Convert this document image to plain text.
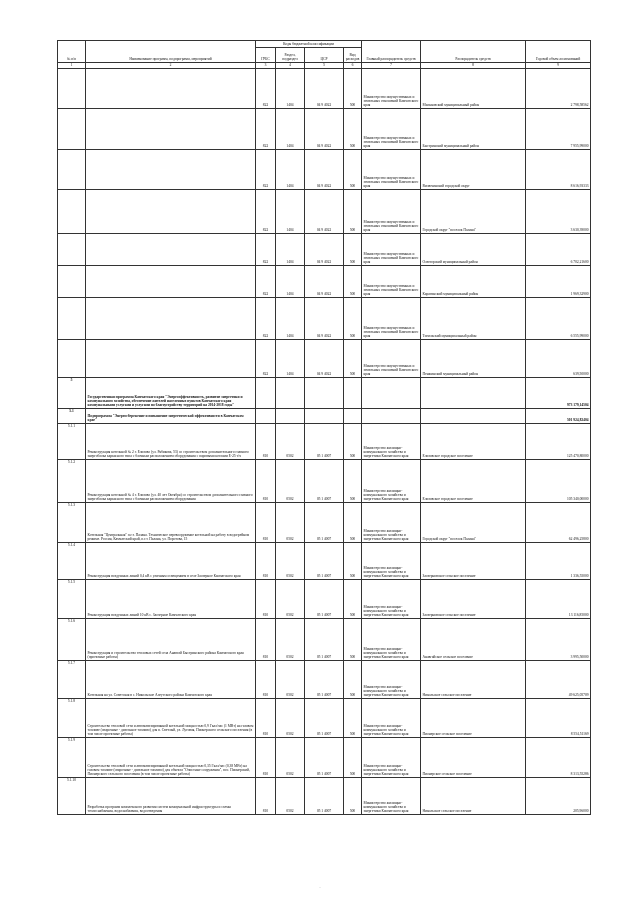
№ п/п	Наименование программ, подпрограмм, мероприятий	Коды бюджетной классификации				Главный распорядитель средств	Распорядитель средств	Годовой объем ассигнований
		ГРБС	Раздел, подраздел	ЦСР	Вид расходов			
1	2	3	4	5	6	7	8	9
		822	1404	04 9 4022	500	Министерство имущественных и земельных отношений Камчатского края	Мильковский муниципальный район	2 798,58562
		822	1404	04 9 4022	500	Министерство имущественных и земельных отношений Камчатского края	Быстринский муниципальный район	7 955,99000
		822	1404	04 9 4022	500	Министерство имущественных и земельных отношений Камчатского края	Вилючинский городской округ	8 616,93333
		822	1404	04 9 4022	500	Министерство имущественных и земельных отношений Камчатского края	Городской округ "поселок Палана"	3 630,39000
		822	1404	04 9 4022	500	Министерство имущественных и земельных отношений Камчатского края	Олюторский муниципальный район	6 702,21600
		822	1404	04 9 4022	500	Министерство имущественных и земельных отношений Камчатского края	Карагинский муниципальный район	1 969,32900
		822	1404	04 9 4022	500	Министерство имущественных и земельных отношений Камчатского края	Тигильский муниципальный район	6 555,99000
		822	1404	04 9 4022	500	Министерство имущественных и земельных отношений Камчатского края	Пенжинский муниципальный район	639,50000
5	Государственная программа Камчатского края "Энергоэффективность, развитие энергетики и коммунального хозяйства, обеспечение жителей населенных пунктов Камчатского края коммунальными услугами и услугами по благоустройству территорий на 2014-2018 годы"							973 179,14504
5.1	Подпрограмма "Энергосбережение и повышение энергетической эффективности в Камчатском крае"							501 924,82404
5.1.1	Реконструкция котельной № 2 г. Елизово (ул. Рябикова, 53) со строительством дополнительного главного энергоблока каркасного типа с блочным расположением оборудования с паровыми котлами Е-25 т/ч	810	0502	05 1 4007	500	Министерство жилищно-коммунального хозяйства и энергетики Камчатского края	Елизовское городское поселение	125 470,80000
5.1.2	Реконструкция котельной № 4 г. Елизово (ул. 40 лет Октября) со строительством дополнительного главного энергоблока каркасного типа с блочным расположением оборудования	810	0502	05 1 4007	500	Министерство жилищно-коммунального хозяйства и энергетики Камчатского края	Елизовское городское поселение	105 340,00000
5.1.3	Котельная "Центральная" п.г.т. Палана. Техническое перевооружение котельной на работу в водогрейном режиме. Россия, Камчатский край, п.г.т. Палана, ул. Поротова, 15	810	0502	05 1 4007	500	Министерство жилищно-коммунального хозяйства и энергетики Камчатского края	Городской округ "поселок Палана"	62 496,25800
5.1.4	Реконструкция воздушных линий 0,4 кВ с уличным освещением в селе Заозерное Камчатского края	810	0502	05 1 4007	500	Министерство жилищно-коммунального хозяйства и энергетики Камчатского края	Заозерновское сельское поселение	1 336,55000
5.1.5	Реконструкция воздушных линий 10 кВ с. Заозерное Камчатского края	810	0502	05 1 4007	500	Министерство жилищно-коммунального хозяйства и энергетики Камчатского края	Заозерновское сельское поселение	13 116,85000
5.1.6	Реконструкция и строительство тепловых сетей села Анавгай Быстринского района Камчатского края (проектные работы)	810	0502	05 1 4007	500	Министерство жилищно-коммунального хозяйства и энергетики Камчатского края	Анавгайское сельское поселение	3 995,50000
5.1.7	Котельная на ул. Советская в с. Никольское Алеутского района Камчатского края	810	0502	05 1 4007	500	Министерство жилищно-коммунального хозяйства и энергетики Камчатского края	Никольское сельское поселение	49 625,05709
5.1.8	Строительство тепловой сети и автоматизированной котельной мощностью 0,9 Гкал/час (1 МВт) на газовом топливе (сварочные - дизельное топливо) для п. Светлый, ул. Луговая, Пионерского сельского поселения (в том числе проектные работы)	810	0502	05 1 4007	500	Министерство жилищно-коммунального хозяйства и энергетики Камчатского края	Пионерское сельское поселение	8 554,51169
5.1.9	Строительство тепловой сети и автоматизированной котельной мощностью 0,35 Гкал/час (0,38 МВт) на газовом топливе (сварочные - дизельное топливо) для объекта "Очистные сооружения", пос. Пионерский, Пионерского сельского поселения (в том числе проектные работы)	810	0502	05 1 4007	500	Министерство жилищно-коммунального хозяйства и энергетики Камчатского края	Пионерское сельское поселение	8 313,55286
5.1.10	Разработка программ комплексного развития систем коммунальной инфраструктуры и схемы теплоснабжения, водоснабжения, водоотведения	810	0502	05 1 4007	500	Министерство жилищно-коммунального хозяйства и энергетики Камчатского края	Никольское сельское поселение	205,96000
.
